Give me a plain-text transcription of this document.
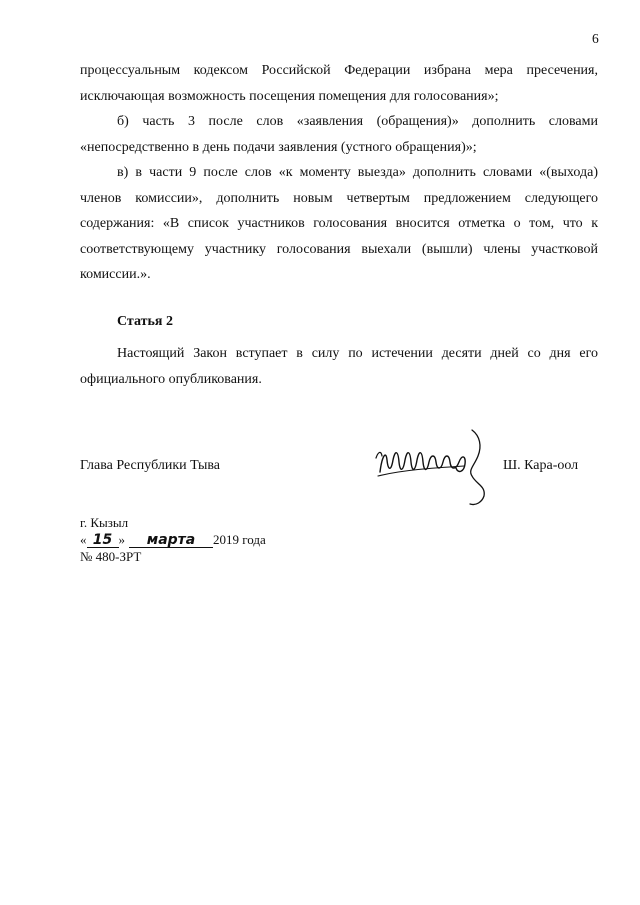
6

процессуальным кодексом Российской Федерации избрана мера пресечения, исключающая возможность посещения помещения для голосования»;

б) часть 3 после слов «заявления (обращения)» дополнить словами «непосредственно в день подачи заявления (устного обращения)»;

в) в части 9 после слов «к моменту выезда» дополнить словами «(выхода) членов комиссии», дополнить новым четвертым предложением следующего содержания: «В список участников голосования вносится отметка о том, что к соответствующему участнику голосования выехали (вышли) члены участковой комиссии.».

Статья 2

Настоящий Закон вступает в силу по истечении десяти дней со дня его официального опубликования.

Глава Республики Тыва	Ш. Кара-оол
г. Кызыл
« 15 » марта 2019 года
№ 480-ЗРТ
